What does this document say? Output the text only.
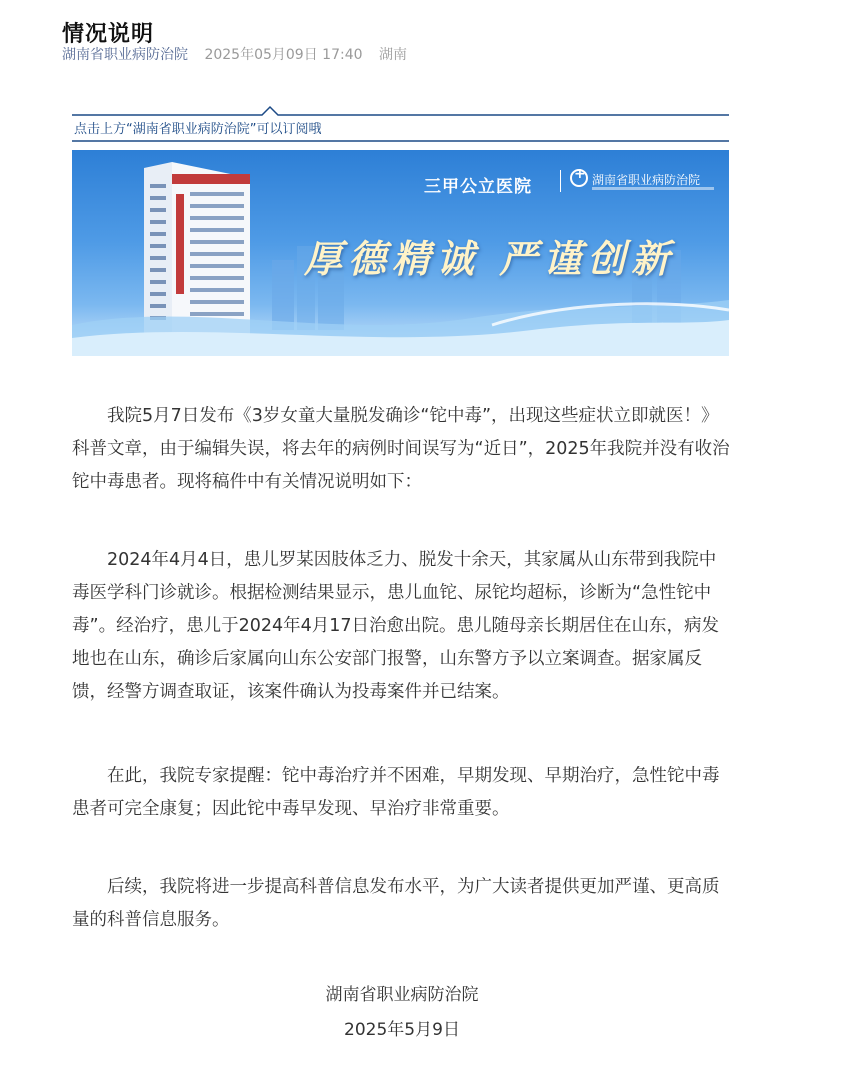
情况说明
湖南省职业病防治院 2025年05月09日 17:40 湖南
点击上方“湖南省职业病防治院”可以订阅哦
三甲公立医院
+	湖南省职业病防治院
厚德精诚 严谨创新

我院5月7日发布《3岁女童大量脱发确诊“铊中毒”，出现这些症状立即就医！》科普文章，由于编辑失误，将去年的病例时间误写为“近日”，2025年我院并没有收治铊中毒患者。现将稿件中有关情况说明如下：

2024年4月4日，患儿罗某因肢体乏力、脱发十余天，其家属从山东带到我院中毒医学科门诊就诊。根据检测结果显示，患儿血铊、尿铊均超标，诊断为“急性铊中毒”。经治疗，患儿于2024年4月17日治愈出院。患儿随母亲长期居住在山东，病发地也在山东，确诊后家属向山东公安部门报警，山东警方予以立案调查。据家属反馈，经警方调查取证，该案件确认为投毒案件并已结案。

在此，我院专家提醒：铊中毒治疗并不困难，早期发现、早期治疗，急性铊中毒患者可完全康复；因此铊中毒早发现、早治疗非常重要。

后续，我院将进一步提高科普信息发布水平，为广大读者提供更加严谨、更高质量的科普信息服务。

湖南省职业病防治院

2025年5月9日
